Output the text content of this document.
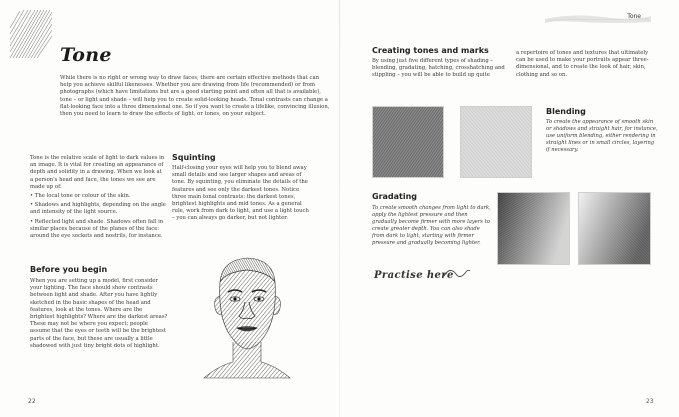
Tone

While there is no right or wrong way to draw faces, there are certain effective methods that can help you achieve skilful likenesses. Whether you are drawing from life (recommended) or from photographs (which have limitations but are a good starting point and often all that is available), tone – or light and shade – will help you to create solid-looking heads. Tonal contrasts can change a flat-looking face into a three dimensional one. So if you want to create a lifelike, convincing illusion, then you need to learn to draw the effects of light, or tones, on your subject.

Tone is the relative scale of light to dark values in an image. It is vital for creating an appearance of depth and solidity in a drawing. When we look at a person's head and face, the tones we see are made up of:

• The local tone or colour of the skin.

• Shadows and highlights, depending on the angle and intensity of the light source.

• Reflected light and shade. Shadows often fall in similar places because of the planes of the face: around the eye sockets and nostrils, for instance.

Before you begin
When you are setting up a model, first consider your lighting. The face should show contrasts between light and shade. After you have lightly sketched in the basic shapes of the head and features, look at the tones. Where are the brightest highlights? Where are the darkest areas? These may not be where you expect; people assume that the eyes or teeth will be the brightest parts of the face, but these are usually a little shadowed with just tiny bright dots of highlight.
Squinting
Half-closing your eyes will help you to blend away small details and see larger shapes and areas of tone. By squinting, you eliminate the details of the features and see only the darkest tones. Notice three main tonal contrasts: the darkest tones, brightest highlights and mid tones. As a general rule, work from dark to light, and use a light touch – you can always go darker, but not lighter.
22
Tone
Creating tones and marks
By using just five different types of shading – blending, gradating, hatching, crosshatching and stippling – you will be able to build up quite
a repertoire of tones and textures that ultimately can be used to make your portraits appear three-dimensional, and to create the look of hair, skin, clothing and so on.
Blending
To create the appearance of smooth skin or shadows and straight hair, for instance, use uniform blending, either rendering in straight lines or in small circles, layering if necessary.
Gradating
To create smooth changes from light to dark, apply the lightest pressure and then gradually become firmer with more layers to create greater depth. You can also shade from dark to light, starting with firmer pressure and gradually becoming lighter.
Practise here
23
